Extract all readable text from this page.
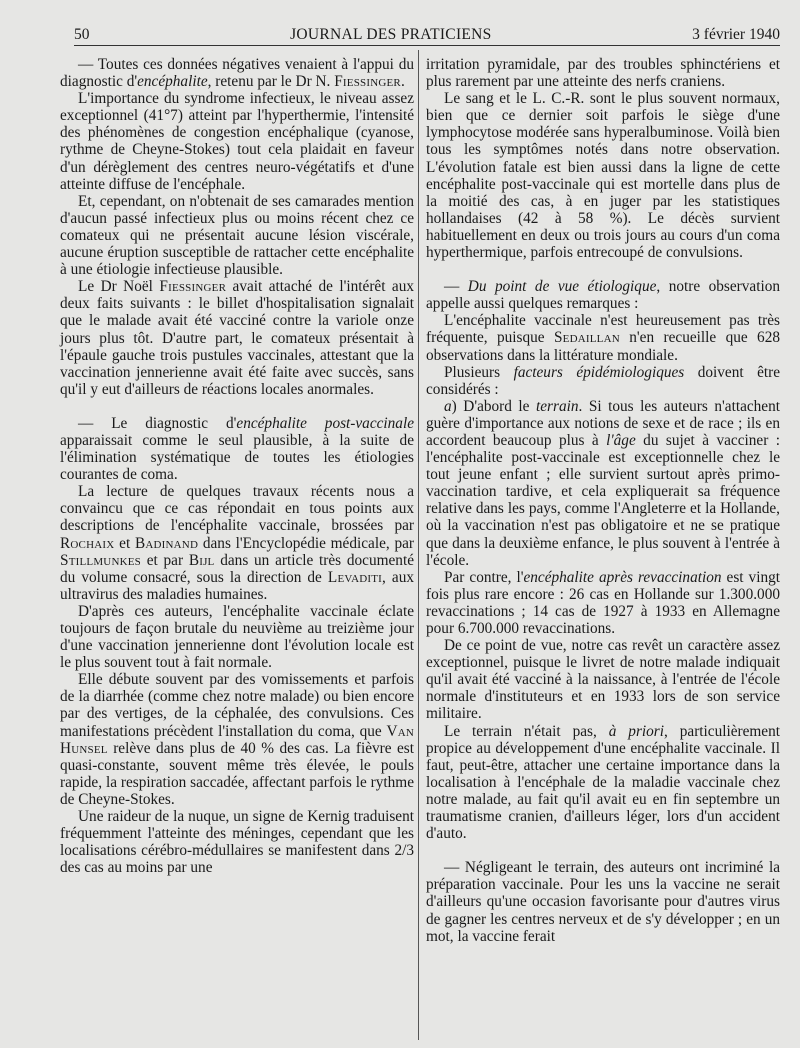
50	JOURNAL DES PRATICIENS	3 février 1940

— Toutes ces données négatives venaient à l'appui du diagnostic d'encéphalite, retenu par le Dr N. Fiessinger.

L'importance du syndrome infectieux, le niveau assez exceptionnel (41°7) atteint par l'hyperthermie, l'intensité des phénomènes de congestion encéphalique (cyanose, rythme de Cheyne-Stokes) tout cela plaidait en faveur d'un dérèglement des centres neuro-végétatifs et d'une atteinte diffuse de l'encéphale.

Et, cependant, on n'obtenait de ses camarades mention d'aucun passé infectieux plus ou moins récent chez ce comateux qui ne présentait aucune lésion viscérale, aucune éruption susceptible de rattacher cette encéphalite à une étiologie infectieuse plausible.

Le Dr Noël Fiessinger avait attaché de l'intérêt aux deux faits suivants : le billet d'hospitalisation signalait que le malade avait été vacciné contre la variole onze jours plus tôt. D'autre part, le comateux présentait à l'épaule gauche trois pustules vaccinales, attestant que la vaccination jennerienne avait été faite avec succès, sans qu'il y eut d'ailleurs de réactions locales anormales.

— Le diagnostic d'encéphalite post-vaccinale apparaissait comme le seul plausible, à la suite de l'élimination systématique de toutes les étiologies courantes de coma.

La lecture de quelques travaux récents nous a convaincu que ce cas répondait en tous points aux descriptions de l'encéphalite vaccinale, brossées par Rochaix et Badinand dans l'Encyclopédie médicale, par Stillmunkes et par Bijl dans un article très documenté du volume consacré, sous la direction de Levaditi, aux ultravirus des maladies humaines.

D'après ces auteurs, l'encéphalite vaccinale éclate toujours de façon brutale du neuvième au treizième jour d'une vaccination jennerienne dont l'évolution locale est le plus souvent tout à fait normale.

Elle débute souvent par des vomissements et parfois de la diarrhée (comme chez notre malade) ou bien encore par des vertiges, de la céphalée, des convulsions. Ces manifestations précèdent l'installation du coma, que Van Hunsel relève dans plus de 40 % des cas. La fièvre est quasi-constante, souvent même très élevée, le pouls rapide, la respiration saccadée, affectant parfois le rythme de Cheyne-Stokes.

Une raideur de la nuque, un signe de Kernig traduisent fréquemment l'atteinte des méninges, cependant que les localisations cérébro-médullaires se manifestent dans 2/3 des cas au moins par une

irritation pyramidale, par des troubles sphinctériens et plus rarement par une atteinte des nerfs craniens.

Le sang et le L. C.-R. sont le plus souvent normaux, bien que ce dernier soit parfois le siège d'une lymphocytose modérée sans hyperalbuminose. Voilà bien tous les symptômes notés dans notre observation. L'évolution fatale est bien aussi dans la ligne de cette encéphalite post-vaccinale qui est mortelle dans plus de la moitié des cas, à en juger par les statistiques hollandaises (42 à 58 %). Le décès survient habituellement en deux ou trois jours au cours d'un coma hyperthermique, parfois entrecoupé de convulsions.

— Du point de vue étiologique, notre observation appelle aussi quelques remarques :

L'encéphalite vaccinale n'est heureusement pas très fréquente, puisque Sedaillan n'en recueille que 628 observations dans la littérature mondiale.

Plusieurs facteurs épidémiologiques doivent être considérés :

a) D'abord le terrain. Si tous les auteurs n'attachent guère d'importance aux notions de sexe et de race ; ils en accordent beaucoup plus à l'âge du sujet à vacciner : l'encéphalite post-vaccinale est exceptionnelle chez le tout jeune enfant ; elle survient surtout après primo-vaccination tardive, et cela expliquerait sa fréquence relative dans les pays, comme l'Angleterre et la Hollande, où la vaccination n'est pas obligatoire et ne se pratique que dans la deuxième enfance, le plus souvent à l'entrée à l'école.

Par contre, l'encéphalite après revaccination est vingt fois plus rare encore : 26 cas en Hollande sur 1.300.000 revaccinations ; 14 cas de 1927 à 1933 en Allemagne pour 6.700.000 revaccinations.

De ce point de vue, notre cas revêt un caractère assez exceptionnel, puisque le livret de notre malade indiquait qu'il avait été vacciné à la naissance, à l'entrée de l'école normale d'instituteurs et en 1933 lors de son service militaire.

Le terrain n'était pas, à priori, particulièrement propice au développement d'une encéphalite vaccinale. Il faut, peut-être, attacher une certaine importance dans la localisation à l'encéphale de la maladie vaccinale chez notre malade, au fait qu'il avait eu en fin septembre un traumatisme cranien, d'ailleurs léger, lors d'un accident d'auto.

— Négligeant le terrain, des auteurs ont incriminé la préparation vaccinale. Pour les uns la vaccine ne serait d'ailleurs qu'une occasion favorisante pour d'autres virus de gagner les centres nerveux et de s'y développer ; en un mot, la vaccine ferait
